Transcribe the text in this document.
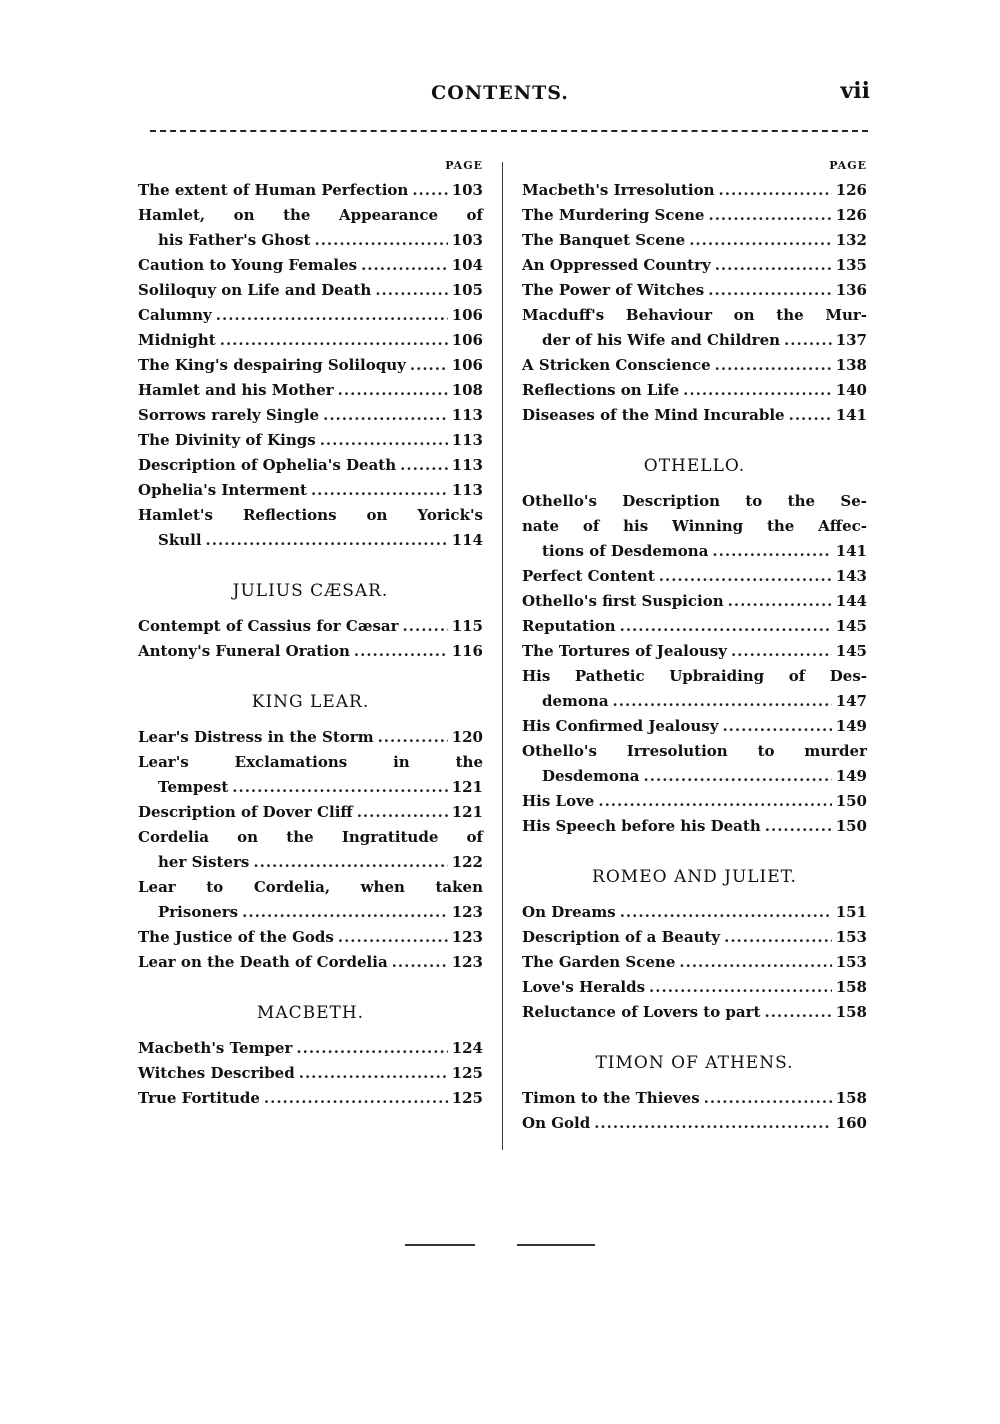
CONTENTS.	vii
PAGE
The extent of Human Perfection .....	103
Hamlet, on the Appearance of
his Father's Ghost .....	103
Caution to Young Females .....	104
Soliloquy on Life and Death .....	105
Calumny .....	106
Midnight .....	106
The King's despairing Soliloquy .....	106
Hamlet and his Mother .....	108
Sorrows rarely Single .....	113
The Divinity of Kings .....	113
Description of Ophelia's Death .....	113
Ophelia's Interment .....	113
Hamlet's Reflections on Yorick's
Skull .....	114
JULIUS CÆSAR.
Contempt of Cassius for Cæsar .....	115
Antony's Funeral Oration .....	116
KING LEAR.
Lear's Distress in the Storm .....	120
Lear's Exclamations in the
Tempest .....	121
Description of Dover Cliff .....	121
Cordelia on the Ingratitude of
her Sisters .....	122
Lear to Cordelia, when taken
Prisoners .....	123
The Justice of the Gods .....	123
Lear on the Death of Cordelia .....	123
MACBETH.
Macbeth's Temper .....	124
Witches Described .....	125
True Fortitude .....	125
PAGE
Macbeth's Irresolution .....	126
The Murdering Scene .....	126
The Banquet Scene .....	132
An Oppressed Country .....	135
The Power of Witches .....	136
Macduff's Behaviour on the Mur-
der of his Wife and Children .....	137
A Stricken Conscience .....	138
Reflections on Life .....	140
Diseases of the Mind Incurable .....	141
OTHELLO.
Othello's Description to the Se-
nate of his Winning the Affec-
tions of Desdemona .....	141
Perfect Content .....	143
Othello's first Suspicion .....	144
Reputation .....	145
The Tortures of Jealousy .....	145
His Pathetic Upbraiding of Des-
demona .....	147
His Confirmed Jealousy .....	149
Othello's Irresolution to murder
Desdemona .....	149
His Love .....	150
His Speech before his Death .....	150
ROMEO AND JULIET.
On Dreams .....	151
Description of a Beauty .....	153
The Garden Scene .....	153
Love's Heralds .....	158
Reluctance of Lovers to part .....	158
TIMON OF ATHENS.
Timon to the Thieves .....	158
On Gold .....	160
